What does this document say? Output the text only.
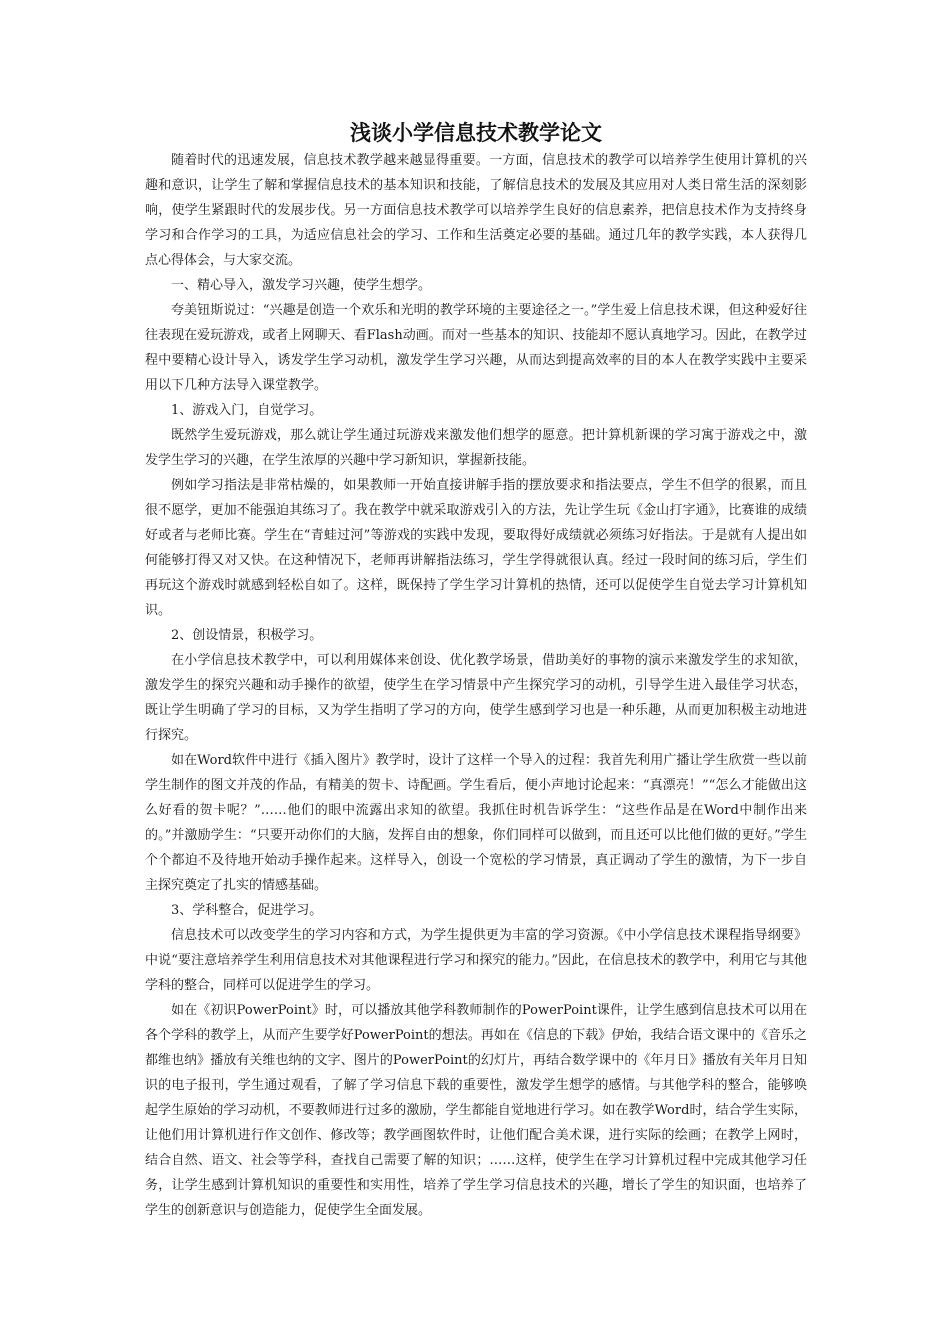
浅谈小学信息技术教学论文

随着时代的迅速发展，信息技术教学越来越显得重要。一方面，信息技术的教学可以培养学生使用计算机的兴趣和意识，让学生了解和掌握信息技术的基本知识和技能，了解信息技术的发展及其应用对人类日常生活的深刻影响，使学生紧跟时代的发展步伐。另一方面信息技术教学可以培养学生良好的信息素养，把信息技术作为支持终身学习和合作学习的工具，为适应信息社会的学习、工作和生活奠定必要的基础。通过几年的教学实践，本人获得几点心得体会，与大家交流。

一、精心导入，激发学习兴趣，使学生想学。

夸美钮斯说过：“兴趣是创造一个欢乐和光明的教学环境的主要途径之一。”学生爱上信息技术课，但这种爱好往往表现在爱玩游戏，或者上网聊天、看Flash动画。而对一些基本的知识、技能却不愿认真地学习。因此，在教学过程中要精心设计导入，诱发学生学习动机，激发学生学习兴趣，从而达到提高效率的目的本人在教学实践中主要采用以下几种方法导入课堂教学。

1、游戏入门，自觉学习。

既然学生爱玩游戏，那么就让学生通过玩游戏来激发他们想学的愿意。把计算机新课的学习寓于游戏之中，激发学生学习的兴趣，在学生浓厚的兴趣中学习新知识，掌握新技能。

例如学习指法是非常枯燥的，如果教师一开始直接讲解手指的摆放要求和指法要点，学生不但学的很累，而且很不愿学，更加不能强迫其练习了。我在教学中就采取游戏引入的方法，先让学生玩《金山打字通》，比赛谁的成绩好或者与老师比赛。学生在“青蛙过河”等游戏的实践中发现，要取得好成绩就必须练习好指法。于是就有人提出如何能够打得又对又快。在这种情况下，老师再讲解指法练习，学生学得就很认真。经过一段时间的练习后，学生们再玩这个游戏时就感到轻松自如了。这样，既保持了学生学习计算机的热情，还可以促使学生自觉去学习计算机知识。

2、创设情景，积极学习。

在小学信息技术教学中，可以利用媒体来创设、优化教学场景，借助美好的事物的演示来激发学生的求知欲，激发学生的探究兴趣和动手操作的欲望，使学生在学习情景中产生探究学习的动机，引导学生进入最佳学习状态，既让学生明确了学习的目标，又为学生指明了学习的方向，使学生感到学习也是一种乐趣，从而更加积极主动地进行探究。

如在Word软件中进行《插入图片》教学时，设计了这样一个导入的过程：我首先利用广播让学生欣赏一些以前学生制作的图文并茂的作品，有精美的贺卡、诗配画。学生看后，便小声地讨论起来：“真漂亮！”“怎么才能做出这么好看的贺卡呢？”……他们的眼中流露出求知的欲望。我抓住时机告诉学生：“这些作品是在Word中制作出来的。”并激励学生：“只要开动你们的大脑，发挥自由的想象，你们同样可以做到，而且还可以比他们做的更好。”学生个个都迫不及待地开始动手操作起来。这样导入，创设一个宽松的学习情景，真正调动了学生的激情，为下一步自主探究奠定了扎实的情感基础。

3、学科整合，促进学习。

信息技术可以改变学生的学习内容和方式，为学生提供更为丰富的学习资源。《中小学信息技术课程指导纲要》中说“要注意培养学生利用信息技术对其他课程进行学习和探究的能力。”因此，在信息技术的教学中，利用它与其他学科的整合，同样可以促进学生的学习。

如在《初识PowerPoint》时，可以播放其他学科教师制作的PowerPoint课件，让学生感到信息技术可以用在各个学科的教学上，从而产生要学好PowerPoint的想法。再如在《信息的下载》伊始，我结合语文课中的《音乐之都维也纳》播放有关维也纳的文字、图片的PowerPoint的幻灯片，再结合数学课中的《年月日》播放有关年月日知识的电子报刊，学生通过观看，了解了学习信息下载的重要性，激发学生想学的感情。与其他学科的整合，能够唤起学生原始的学习动机，不要教师进行过多的激励，学生都能自觉地进行学习。如在教学Word时，结合学生实际，让他们用计算机进行作文创作、修改等；教学画图软件时，让他们配合美术课，进行实际的绘画；在教学上网时，结合自然、语文、社会等学科，查找自己需要了解的知识；……这样，使学生在学习计算机过程中完成其他学习任务，让学生感到计算机知识的重要性和实用性，培养了学生学习信息技术的兴趣，增长了学生的知识面，也培养了学生的创新意识与创造能力，促使学生全面发展。
